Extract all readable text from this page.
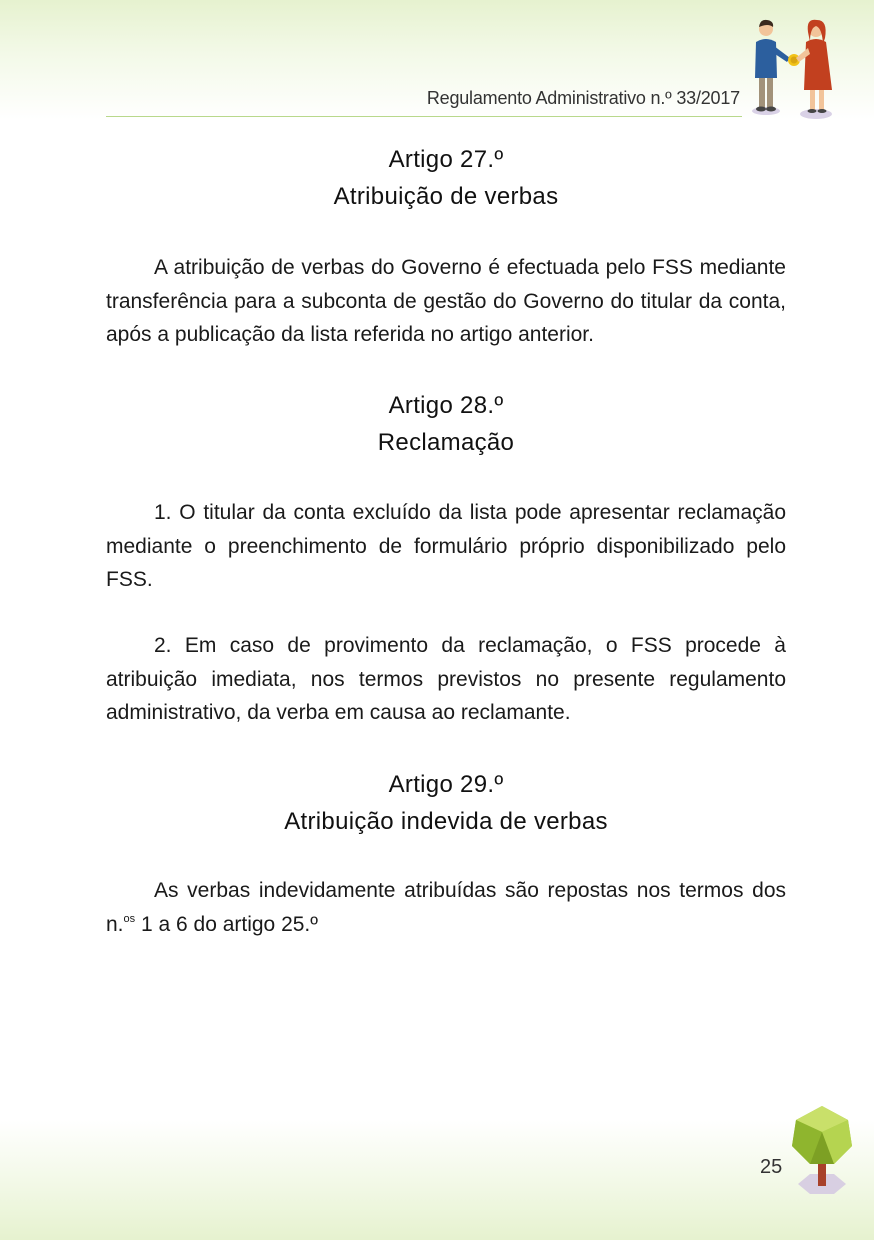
Regulamento Administrativo n.º 33/2017
Artigo 27.º
Atribuição de verbas

A atribuição de verbas do Governo é efectuada pelo FSS mediante transferência para a subconta de gestão do Governo do titular da conta, após a publicação da lista referida no artigo anterior.

Artigo 28.º
Reclamação

1. O titular da conta excluído da lista pode apresentar reclamação mediante o preenchimento de formulário próprio disponibilizado pelo FSS.

2. Em caso de provimento da reclamação, o FSS procede à atribuição imediata, nos termos previstos no presente regulamento administrativo, da verba em causa ao reclamante.

Artigo 29.º
Atribuição indevida de verbas

As verbas indevidamente atribuídas são repostas nos termos dos n.$^{os}$ 1 a 6 do artigo 25.º

25
